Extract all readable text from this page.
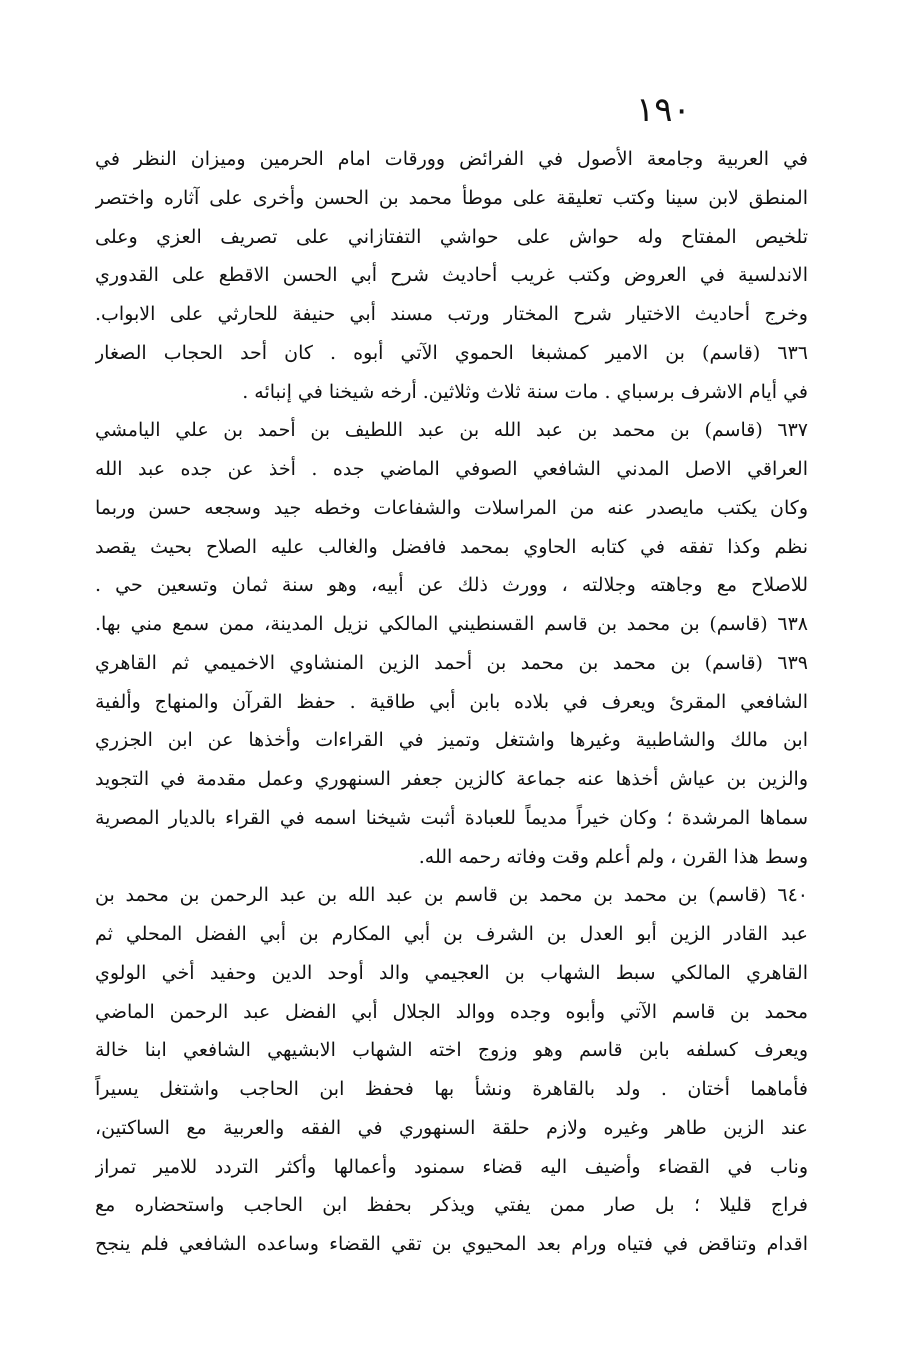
١٩٠
في العربية وجامعة الأصول في الفرائض وورقات امام الحرمين وميزان النظر في
المنطق لابن سينا وكتب تعليقة على موطأ محمد بن الحسن وأخرى على آثاره واختصر
تلخيص المفتاح وله حواش على حواشي التفتازاني على تصريف العزي وعلى
الاندلسية في العروض وكتب غريب أحاديث شرح أبي الحسن الاقطع على القدوري
وخرج أحاديث الاختيار شرح المختار ورتب مسند أبي حنيفة للحارثي على الابواب.
٦٣٦ (قاسم) بن الامير كمشبغا الحموي الآتي أبوه . كان أحد الحجاب الصغار
في أيام الاشرف برسباي . مات سنة ثلاث وثلاثين. أرخه شيخنا في إنبائه .
٦٣٧ (قاسم) بن محمد بن عبد الله بن عبد اللطيف بن أحمد بن علي اليامشي
العراقي الاصل المدني الشافعي الصوفي الماضي جده . أخذ عن جده عبد الله
وكان يكتب مايصدر عنه من المراسلات والشفاعات وخطه جيد وسجعه حسن وربما
نظم وكذا تفقه في كتابه الحاوي بمحمد فافضل والغالب عليه الصلاح بحيث يقصد
للاصلاح مع وجاهته وجلالته ، وورث ذلك عن أبيه، وهو سنة ثمان وتسعين حي .
٦٣٨ (قاسم) بن محمد بن قاسم القسنطيني المالكي نزيل المدينة، ممن سمع مني بها.
٦٣٩ (قاسم) بن محمد بن محمد بن أحمد الزين المنشاوي الاخميمي ثم القاهري
الشافعي المقرئ ويعرف في بلاده بابن أبي طاقية . حفظ القرآن والمنهاج وألفية
ابن مالك والشاطبية وغيرها واشتغل وتميز في القراءات وأخذها عن ابن الجزري
والزين بن عياش أخذها عنه جماعة كالزين جعفر السنهوري وعمل مقدمة في التجويد
سماها المرشدة ؛ وكان خيراً مديماً للعبادة أثبت شيخنا اسمه في القراء بالديار المصرية
وسط هذا القرن ، ولم أعلم وقت وفاته رحمه الله.
٦٤٠ (قاسم) بن محمد بن محمد بن قاسم بن عبد الله بن عبد الرحمن بن محمد بن
عبد القادر الزين أبو العدل بن الشرف بن أبي المكارم بن أبي الفضل المحلي ثم
القاهري المالكي سبط الشهاب بن العجيمي والد أوحد الدين وحفيد أخي الولوي
محمد بن قاسم الآتي وأبوه وجده ووالد الجلال أبي الفضل عبد الرحمن الماضي
ويعرف كسلفه بابن قاسم وهو وزوج اخته الشهاب الابشيهي الشافعي ابنا خالة
فأماهما أختان . ولد بالقاهرة ونشأ بها فحفظ ابن الحاجب واشتغل يسيراً
عند الزين طاهر وغيره ولازم حلقة السنهوري في الفقه والعربية مع الساكتين،
وناب في القضاء وأضيف اليه قضاء سمنود وأعمالها وأكثر التردد للامير تمراز
فراج قليلا ؛ بل صار ممن يفتي ويذكر بحفظ ابن الحاجب واستحضاره مع
اقدام وتناقض في فتياه ورام بعد المحيوي بن تقي القضاء وساعده الشافعي فلم ينجح
